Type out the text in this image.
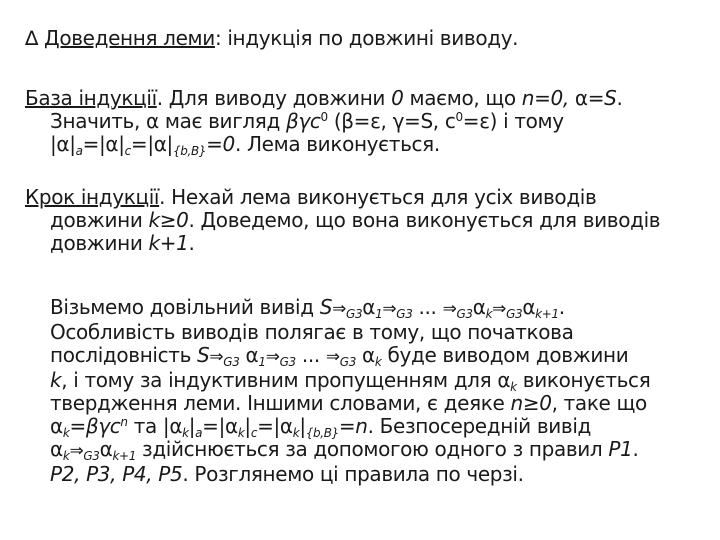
∆ Доведення леми: індукція по довжині виводу.
База індукції. Для виводу довжини 0 маємо, що n=0, α=S.
Значить, α має вигляд βγc$^0$ (β=ε, γ=S, $c^0=\varepsilon$) і тому
$|\alpha|_a=|\alpha|_c=|\alpha|_{\{b,B\}}=0$. Лема виконується.
Крок індукції. Нехай лема виконується для усіх виводів
довжини k≥0. Доведемо, що вона виконується для виводів
довжини k+1.
Візьмемо довільний вивід $S\Rightarrow_{G3}\alpha_1\Rightarrow_{G3}$ ... $\Rightarrow_{G3}\alpha_k\Rightarrow_{G3}\alpha_{k+1}$.
Особливість виводів полягає в тому, що початкова
послідовність $S\Rightarrow_{G3}$ $\alpha_1\Rightarrow_{G3}$ ... $\Rightarrow_{G3}$ $\alpha_k$ буде виводом довжини
k, і тому за індуктивним пропущенням для $\alpha_k$ виконується
твердження леми. Іншими словами, є деяке n≥0, таке що
$\alpha_k=\beta\gamma c^n$ та $|\alpha_k|_a=|\alpha_k|_c=|\alpha_k|_{\{b,B\}}=n$. Безпосередній вивід
$\alpha_k\Rightarrow_{G3}\alpha_{k+1}$ здійснюється за допомогою одного з правил P1.
P2, P3, P4, P5. Розглянемо ці правила по черзі.
